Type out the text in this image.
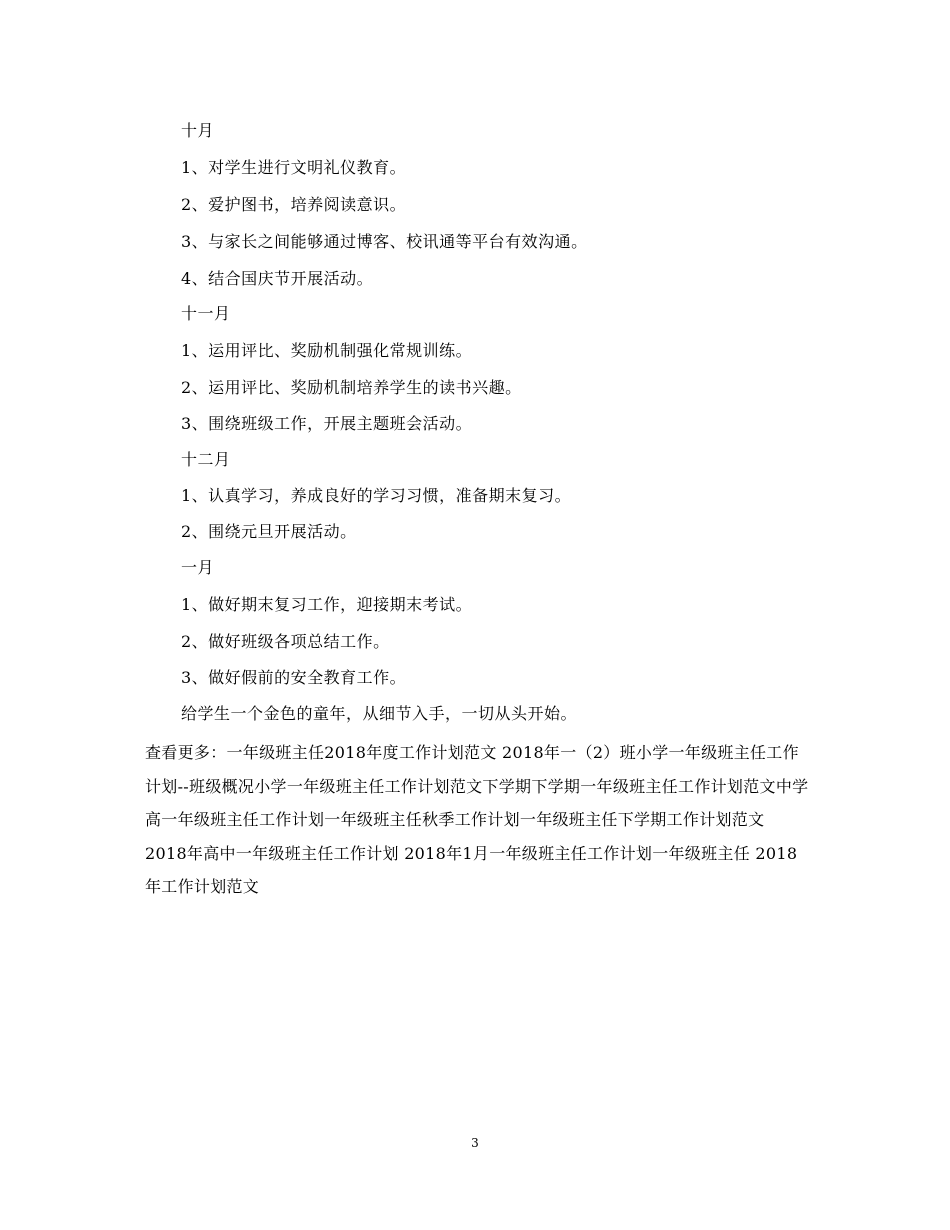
十月
1、对学生进行文明礼仪教育。
2、爱护图书，培养阅读意识。
3、与家长之间能够通过博客、校讯通等平台有效沟通。
4、结合国庆节开展活动。
十一月
1、运用评比、奖励机制强化常规训练。
2、运用评比、奖励机制培养学生的读书兴趣。
3、围绕班级工作，开展主题班会活动。
十二月
1、认真学习，养成良好的学习习惯，准备期末复习。
2、围绕元旦开展活动。
一月
1、做好期末复习工作，迎接期末考试。
2、做好班级各项总结工作。
3、做好假前的安全教育工作。
给学生一个金色的童年，从细节入手，一切从头开始。
查看更多：一年级班主任2018年度工作计划范文 2018年一（2）班小学一年级班主任工作计划--班级概况小学一年级班主任工作计划范文下学期下学期一年级班主任工作计划范文中学高一年级班主任工作计划一年级班主任秋季工作计划一年级班主任下学期工作计划范文 2018年高中一年级班主任工作计划 2018年1月一年级班主任工作计划一年级班主任 2018年工作计划范文
3
